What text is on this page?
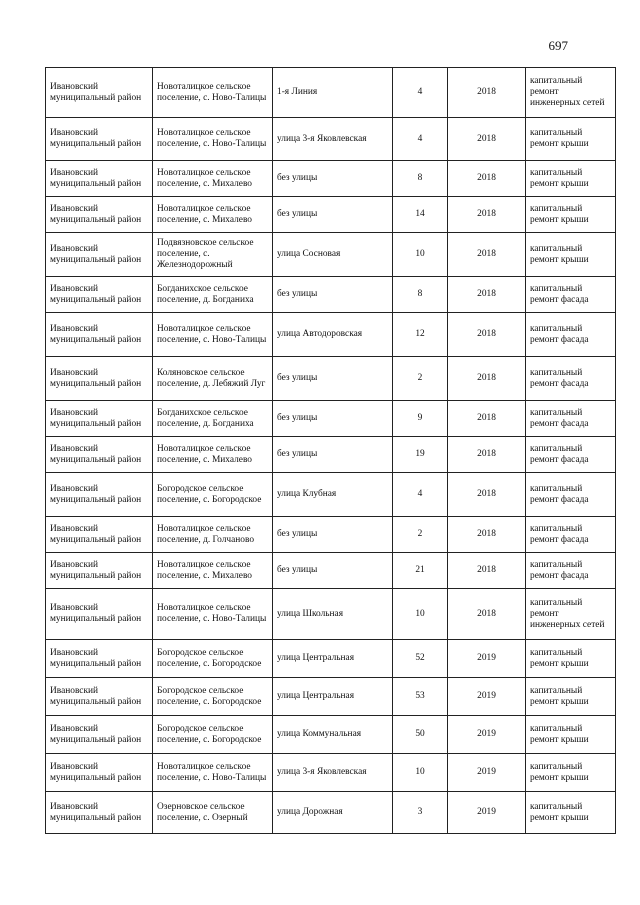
697
Ивановский муниципальный район	Новоталицкое сельское поселение, с. Ново-Талицы	1-я Линия	4	2018	капитальный ремонт инженерных сетей
Ивановский муниципальный район	Новоталицкое сельское поселение, с. Ново-Талицы	улица 3-я Яковлевская	4	2018	капитальный ремонт крыши
Ивановский муниципальный район	Новоталицкое сельское поселение, с. Михалево	без улицы	8	2018	капитальный ремонт крыши
Ивановский муниципальный район	Новоталицкое сельское поселение, с. Михалево	без улицы	14	2018	капитальный ремонт крыши
Ивановский муниципальный район	Подвязновское сельское поселение, с. Железнодорожный	улица Сосновая	10	2018	капитальный ремонт крыши
Ивановский муниципальный район	Богданихское сельское поселение, д. Богданиха	без улицы	8	2018	капитальный ремонт фасада
Ивановский муниципальный район	Новоталицкое сельское поселение, с. Ново-Талицы	улица Автодоровская	12	2018	капитальный ремонт фасада
Ивановский муниципальный район	Коляновское сельское поселение, д. Лебяжий Луг	без улицы	2	2018	капитальный ремонт фасада
Ивановский муниципальный район	Богданихское сельское поселение, д. Богданиха	без улицы	9	2018	капитальный ремонт фасада
Ивановский муниципальный район	Новоталицкое сельское поселение, с. Михалево	без улицы	19	2018	капитальный ремонт фасада
Ивановский муниципальный район	Богородское сельское поселение, с. Богородское	улица Клубная	4	2018	капитальный ремонт фасада
Ивановский муниципальный район	Новоталицкое сельское поселение, д. Голчаново	без улицы	2	2018	капитальный ремонт фасада
Ивановский муниципальный район	Новоталицкое сельское поселение, с. Михалево	без улицы	21	2018	капитальный ремонт фасада
Ивановский муниципальный район	Новоталицкое сельское поселение, с. Ново-Талицы	улица Школьная	10	2018	капитальный ремонт инженерных сетей
Ивановский муниципальный район	Богородское сельское поселение, с. Богородское	улица Центральная	52	2019	капитальный ремонт крыши
Ивановский муниципальный район	Богородское сельское поселение, с. Богородское	улица Центральная	53	2019	капитальный ремонт крыши
Ивановский муниципальный район	Богородское сельское поселение, с. Богородское	улица Коммунальная	50	2019	капитальный ремонт крыши
Ивановский муниципальный район	Новоталицкое сельское поселение, с. Ново-Талицы	улица 3-я Яковлевская	10	2019	капитальный ремонт крыши
Ивановский муниципальный район	Озерновское сельское поселение, с. Озерный	улица Дорожная	3	2019	капитальный ремонт крыши
